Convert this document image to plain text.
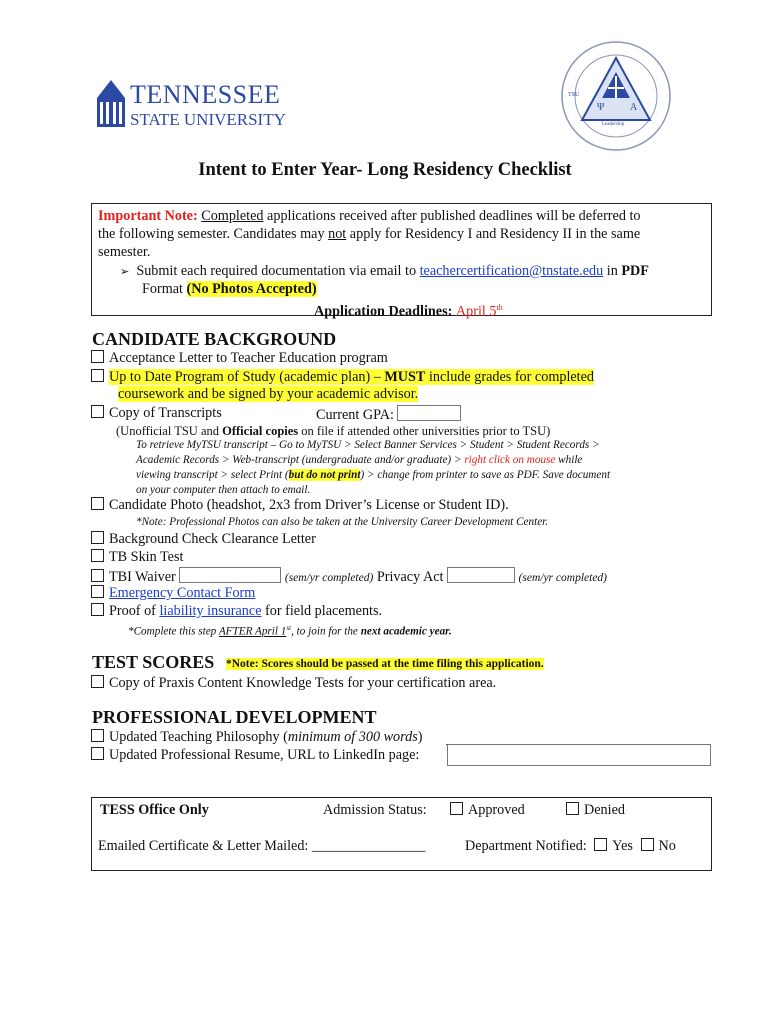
TENNESSEE
STATE UNIVERSITY
Ψ	A
Leadership
TSU
Intent to Enter Year- Long Residency Checklist
Important Note: Completed applications received after published deadlines will be deferred to
the following semester. Candidates may not apply for Residency I and Residency II in the same
semester.
➢ Submit each required documentation via email to teachercertification@tnstate.edu in PDF
Format (No Photos Accepted)
Application Deadlines: April 5th
CANDIDATE BACKGROUND
Acceptance Letter to Teacher Education program
Up to Date Program of Study (academic plan) – MUST include grades for completed
coursework and be signed by your academic advisor.
Copy of Transcripts	Current GPA:
(Unofficial TSU and Official copies on file if attended other universities prior to TSU)
To retrieve MyTSU transcript – Go to MyTSU > Select Banner Services > Student > Student Records >
Academic Records > Web-transcript (undergraduate and/or graduate) > right click on mouse while
viewing transcript > select Print (but do not print) > change from printer to save as PDF. Save document
on your computer then attach to email.
Candidate Photo (headshot, 2x3 from Driver’s License or Student ID).
*Note: Professional Photos can also be taken at the University Career Development Center.
Background Check Clearance Letter
TB Skin Test
TBI Waiver	(sem/yr completed) Privacy Act	(sem/yr completed)
Emergency Contact Form
Proof of liability insurance for field placements.
*Complete this step AFTER April 1st, to join for the next academic year.
TEST SCORES *Note: Scores should be passed at the time filing this application.
Copy of Praxis Content Knowledge Tests for your certification area.
PROFESSIONAL DEVELOPMENT
Updated Teaching Philosophy (minimum of 300 words)
Updated Professional Resume, URL to LinkedIn page:
TESS Office Only	Admission Status:	Approved	Denied
Emailed Certificate & Letter Mailed: ________________	Department Notified: Yes No
